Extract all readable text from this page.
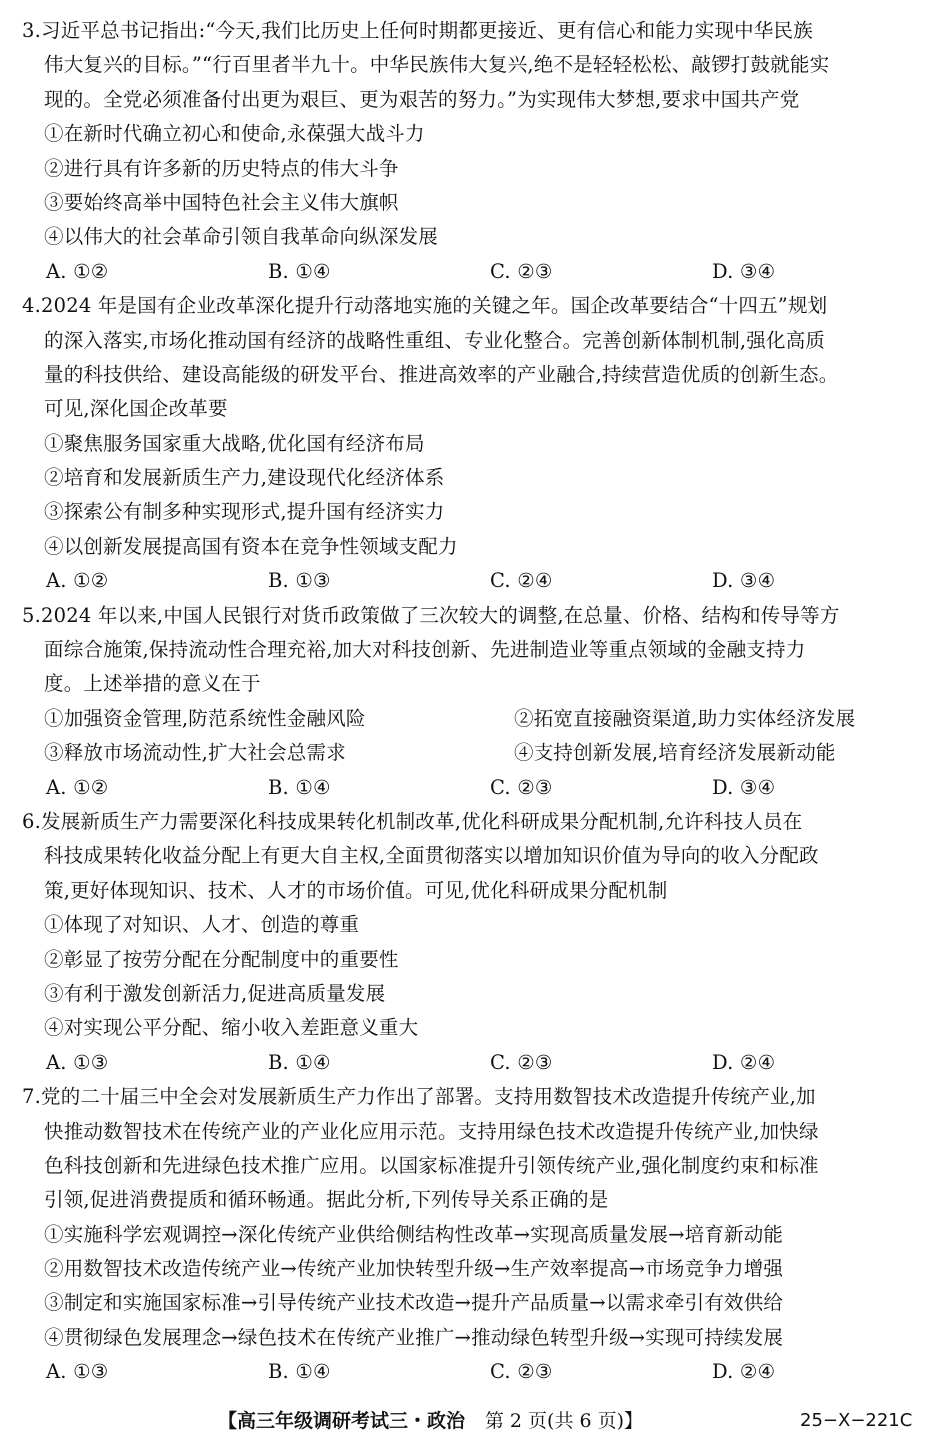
3.习近平总书记指出:“今天,我们比历史上任何时期都更接近、更有信心和能力实现中华民族
伟大复兴的目标。”“行百里者半九十。中华民族伟大复兴,绝不是轻轻松松、敲锣打鼓就能实
现的。全党必须准备付出更为艰巨、更为艰苦的努力。”为实现伟大梦想,要求中国共产党
①在新时代确立初心和使命,永葆强大战斗力
②进行具有许多新的历史特点的伟大斗争
③要始终高举中国特色社会主义伟大旗帜
④以伟大的社会革命引领自我革命向纵深发展
A. ①②	B. ①④	C. ②③	D. ③④
4.2024 年是国有企业改革深化提升行动落地实施的关键之年。国企改革要结合“十四五”规划
的深入落实,市场化推动国有经济的战略性重组、专业化整合。完善创新体制机制,强化高质
量的科技供给、建设高能级的研发平台、推进高效率的产业融合,持续营造优质的创新生态。
可见,深化国企改革要
①聚焦服务国家重大战略,优化国有经济布局
②培育和发展新质生产力,建设现代化经济体系
③探索公有制多种实现形式,提升国有经济实力
④以创新发展提高国有资本在竞争性领域支配力
A. ①②	B. ①③	C. ②④	D. ③④
5.2024 年以来,中国人民银行对货币政策做了三次较大的调整,在总量、价格、结构和传导等方
面综合施策,保持流动性合理充裕,加大对科技创新、先进制造业等重点领域的金融支持力
度。上述举措的意义在于
①加强资金管理,防范系统性金融风险	②拓宽直接融资渠道,助力实体经济发展
③释放市场流动性,扩大社会总需求	④支持创新发展,培育经济发展新动能
A. ①②	B. ①④	C. ②③	D. ③④
6.发展新质生产力需要深化科技成果转化机制改革,优化科研成果分配机制,允许科技人员在
科技成果转化收益分配上有更大自主权,全面贯彻落实以增加知识价值为导向的收入分配政
策,更好体现知识、技术、人才的市场价值。可见,优化科研成果分配机制
①体现了对知识、人才、创造的尊重
②彰显了按劳分配在分配制度中的重要性
③有利于激发创新活力,促进高质量发展
④对实现公平分配、缩小收入差距意义重大
A. ①③	B. ①④	C. ②③	D. ②④
7.党的二十届三中全会对发展新质生产力作出了部署。支持用数智技术改造提升传统产业,加
快推动数智技术在传统产业的产业化应用示范。支持用绿色技术改造提升传统产业,加快绿
色科技创新和先进绿色技术推广应用。以国家标准提升引领传统产业,强化制度约束和标准
引领,促进消费提质和循环畅通。据此分析,下列传导关系正确的是
①实施科学宏观调控→深化传统产业供给侧结构性改革→实现高质量发展→培育新动能
②用数智技术改造传统产业→传统产业加快转型升级→生产效率提高→市场竞争力增强
③制定和实施国家标准→引导传统产业技术改造→提升产品质量→以需求牵引有效供给
④贯彻绿色发展理念→绿色技术在传统产业推广→推动绿色转型升级→实现可持续发展
A. ①③	B. ①④	C. ②③	D. ②④
【高三年级调研考试三・政治 第 2 页(共 6 页)】	25−X−221C
